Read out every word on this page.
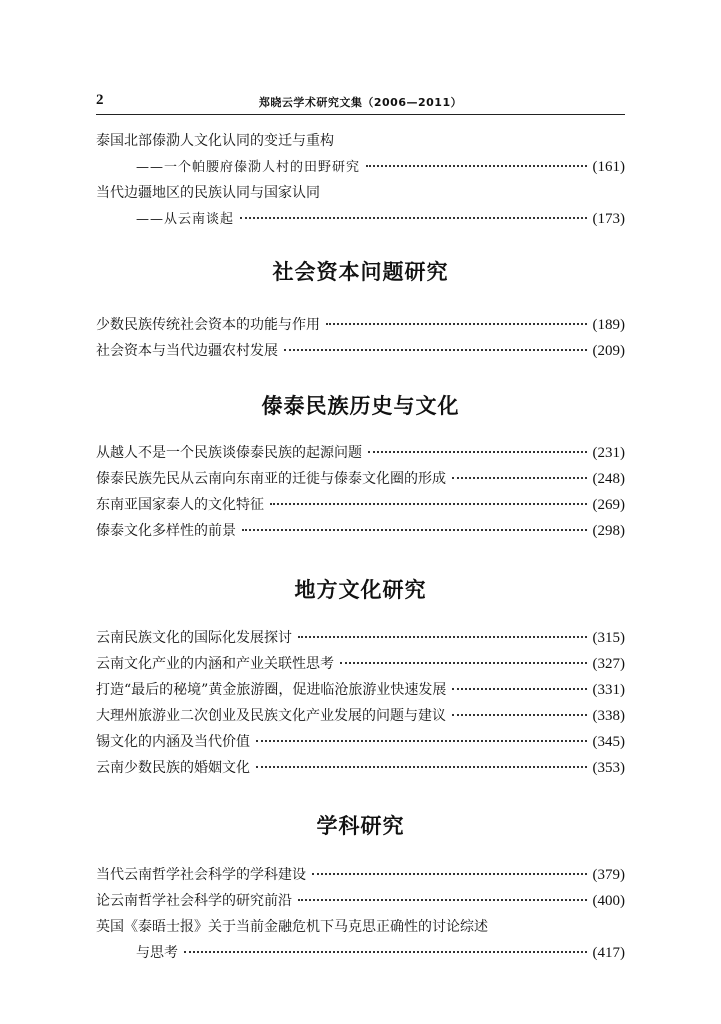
2	郑晓云学术研究文集（2006—2011）
泰国北部傣泐人文化认同的变迁与重构
——一个帕腰府傣泐人村的田野研究	(161)
当代边疆地区的民族认同与国家认同
——从云南谈起	(173)
社会资本问题研究
少数民族传统社会资本的功能与作用	(189)
社会资本与当代边疆农村发展	(209)
傣泰民族历史与文化
从越人不是一个民族谈傣泰民族的起源问题	(231)
傣泰民族先民从云南向东南亚的迁徙与傣泰文化圈的形成	(248)
东南亚国家泰人的文化特征	(269)
傣泰文化多样性的前景	(298)
地方文化研究
云南民族文化的国际化发展探讨	(315)
云南文化产业的内涵和产业关联性思考	(327)
打造“最后的秘境”黄金旅游圈，促进临沧旅游业快速发展	(331)
大理州旅游业二次创业及民族文化产业发展的问题与建议	(338)
锡文化的内涵及当代价值	(345)
云南少数民族的婚姻文化	(353)
学科研究
当代云南哲学社会科学的学科建设	(379)
论云南哲学社会科学的研究前沿	(400)
英国《泰晤士报》关于当前金融危机下马克思正确性的讨论综述
与思考	(417)
